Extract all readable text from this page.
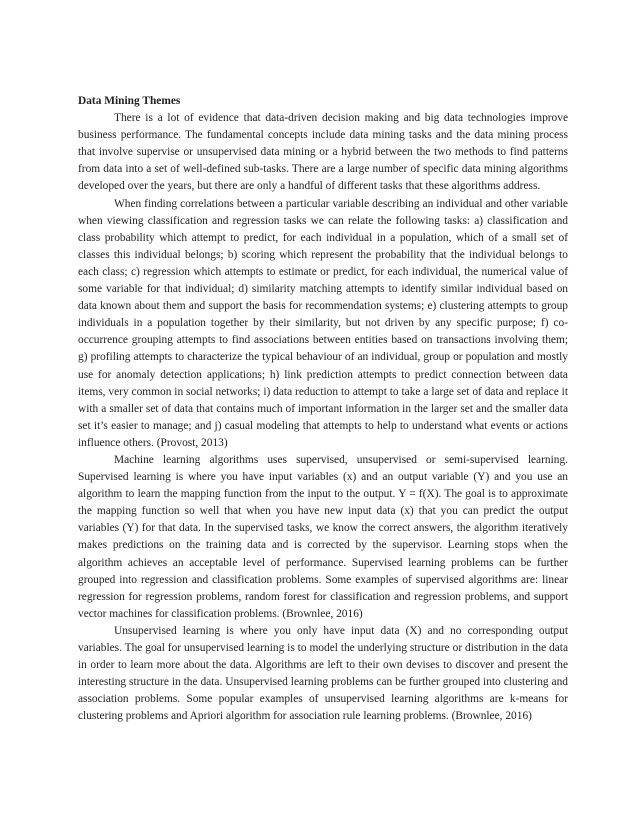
Data Mining Themes

There is a lot of evidence that data-driven decision making and big data technologies improve business performance. The fundamental concepts include data mining tasks and the data mining process that involve supervise or unsupervised data mining or a hybrid between the two methods to find patterns from data into a set of well-defined sub-tasks. There are a large number of specific data mining algorithms developed over the years, but there are only a handful of different tasks that these algorithms address.

When finding correlations between a particular variable describing an individual and other variable when viewing classification and regression tasks we can relate the following tasks: a) classification and class probability which attempt to predict, for each individual in a population, which of a small set of classes this individual belongs; b) scoring which represent the probability that the individual belongs to each class; c) regression which attempts to estimate or predict, for each individual, the numerical value of some variable for that individual; d) similarity matching attempts to identify similar individual based on data known about them and support the basis for recommendation systems; e) clustering attempts to group individuals in a population together by their similarity, but not driven by any specific purpose; f) co-occurrence grouping attempts to find associations between entities based on transactions involving them; g) profiling attempts to characterize the typical behaviour of an individual, group or population and mostly use for anomaly detection applications; h) link prediction attempts to predict connection between data items, very common in social networks; i) data reduction to attempt to take a large set of data and replace it with a smaller set of data that contains much of important information in the larger set and the smaller data set it’s easier to manage; and j) casual modeling that attempts to help to understand what events or actions influence others. (Provost, 2013)

Machine learning algorithms uses supervised, unsupervised or semi-supervised learning. Supervised learning is where you have input variables (x) and an output variable (Y) and you use an algorithm to learn the mapping function from the input to the output. Y = f(X). The goal is to approximate the mapping function so well that when you have new input data (x) that you can predict the output variables (Y) for that data. In the supervised tasks, we know the correct answers, the algorithm iteratively makes predictions on the training data and is corrected by the supervisor. Learning stops when the algorithm achieves an acceptable level of performance. Supervised learning problems can be further grouped into regression and classification problems. Some examples of supervised algorithms are: linear regression for regression problems, random forest for classification and regression problems, and support vector machines for classification problems. (Brownlee, 2016)

Unsupervised learning is where you only have input data (X) and no corresponding output variables. The goal for unsupervised learning is to model the underlying structure or distribution in the data in order to learn more about the data. Algorithms are left to their own devises to discover and present the interesting structure in the data. Unsupervised learning problems can be further grouped into clustering and association problems. Some popular examples of unsupervised learning algorithms are k-means for clustering problems and Apriori algorithm for association rule learning problems. (Brownlee, 2016)
